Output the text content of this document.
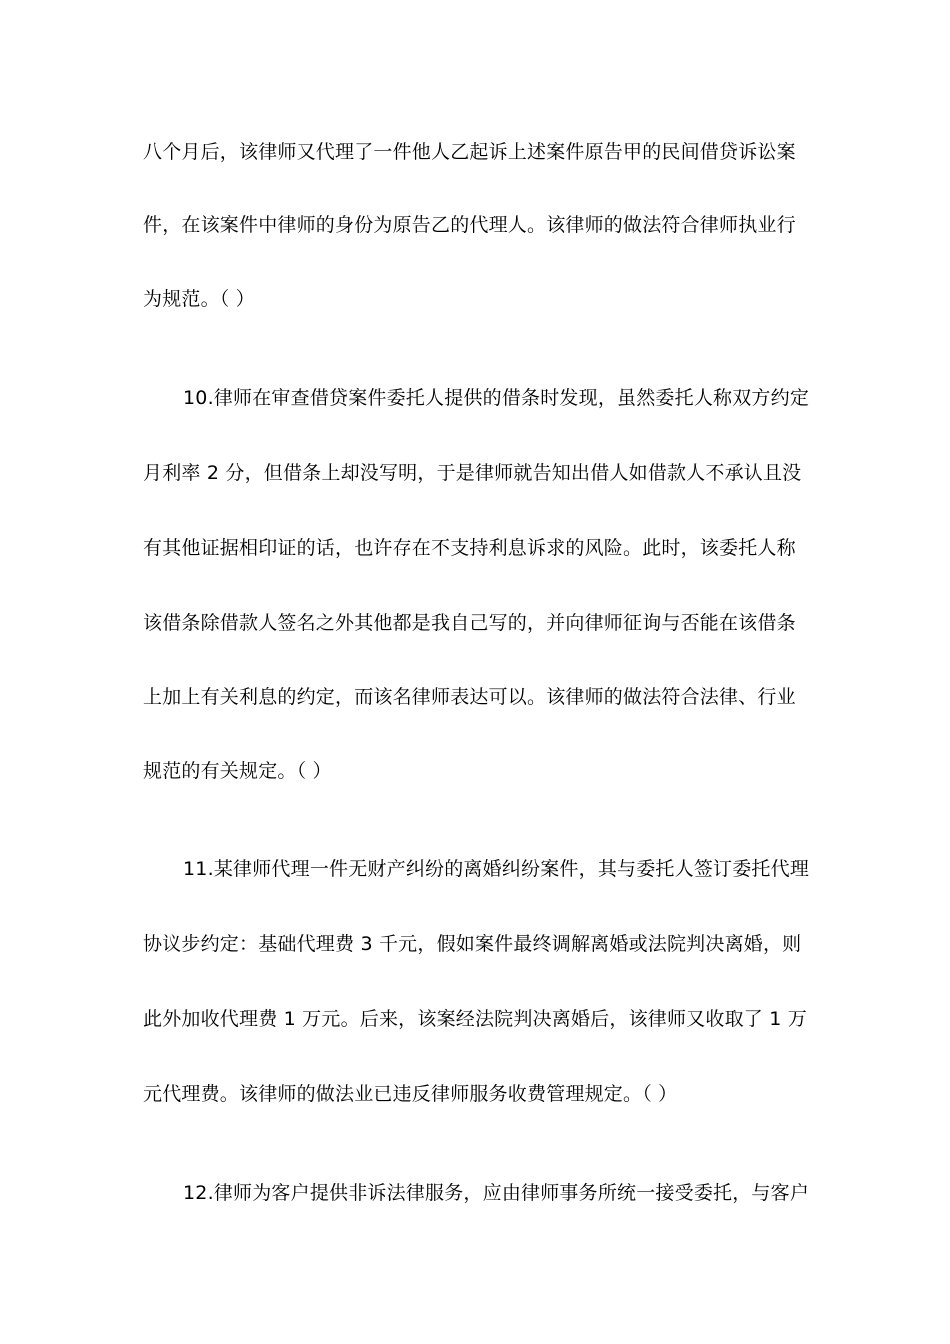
八个月后，该律师又代理了一件他人乙起诉上述案件原告甲的民间借贷诉讼案
件，在该案件中律师的身份为原告乙的代理人。该律师的做法符合律师执业行
为规范。（ ）
10.律师在审查借贷案件委托人提供的借条时发现，虽然委托人称双方约定
月利率 2 分，但借条上却没写明，于是律师就告知出借人如借款人不承认且没
有其他证据相印证的话，也许存在不支持利息诉求的风险。此时，该委托人称
该借条除借款人签名之外其他都是我自己写的，并向律师征询与否能在该借条
上加上有关利息的约定，而该名律师表达可以。该律师的做法符合法律、行业
规范的有关规定。（ ）
11.某律师代理一件无财产纠纷的离婚纠纷案件，其与委托人签订委托代理
协议步约定：基础代理费 3 千元，假如案件最终调解离婚或法院判决离婚，则
此外加收代理费 1 万元。后来，该案经法院判决离婚后，该律师又收取了 1 万
元代理费。该律师的做法业已违反律师服务收费管理规定。（ ）
12.律师为客户提供非诉法律服务，应由律师事务所统一接受委托，与客户
